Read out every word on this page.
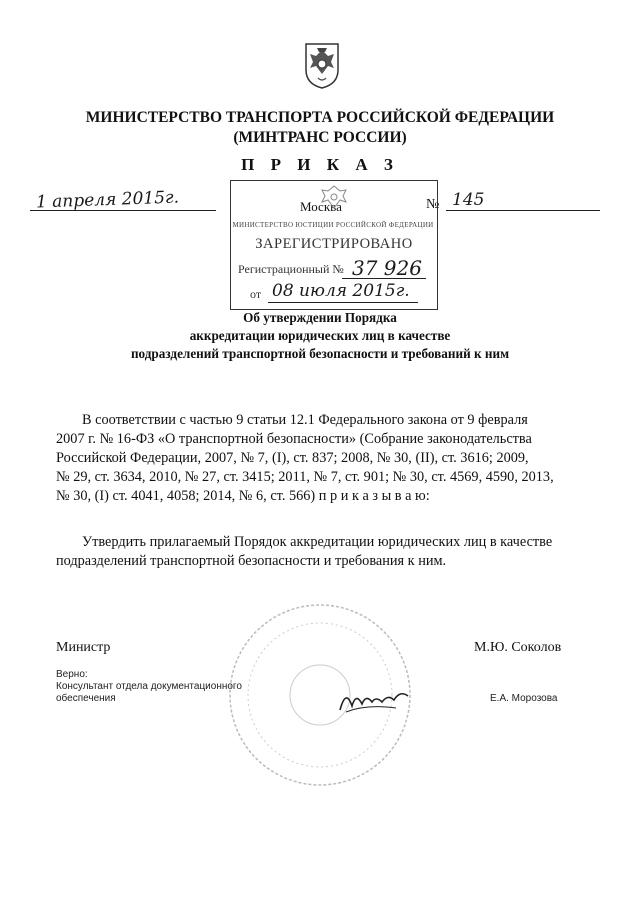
МИНИСТЕРСТВО ТРАНСПОРТА РОССИЙСКОЙ ФЕДЕРАЦИИ
(МИНТРАНС РОССИИ)
П Р И К А З
1 апреля 2015г.	Москва	№ 145
МИНИСТЕРСТВО ЮСТИЦИИ РОССИЙСКОЙ ФЕДЕРАЦИИ
ЗАРЕГИСТРИРОВАНО
Регистрационный № 37 926
от 08 июля 2015г.
Об утверждении Порядка
аккредитации юридических лиц в качестве
подразделений транспортной безопасности и требований к ним
В соответствии с частью 9 статьи 12.1 Федерального закона от 9 февраля
2007 г. № 16-ФЗ «О транспортной безопасности» (Собрание законодательства
Российской Федерации, 2007, № 7, (I), ст. 837; 2008, № 30, (II), ст. 3616; 2009,
№ 29, ст. 3634, 2010, № 27, ст. 3415; 2011, № 7, ст. 901; № 30, ст. 4569, 4590, 2013,
№ 30, (I) ст. 4041, 4058; 2014, № 6, ст. 566) п р и к а з ы в а ю:
Утвердить прилагаемый Порядок аккредитации юридических лиц в качестве
подразделений транспортной безопасности и требования к ним.
Министр	М.Ю. Соколов
Верно:
Консультант отдела документационного
обеспечения	Е.А. Морозова
